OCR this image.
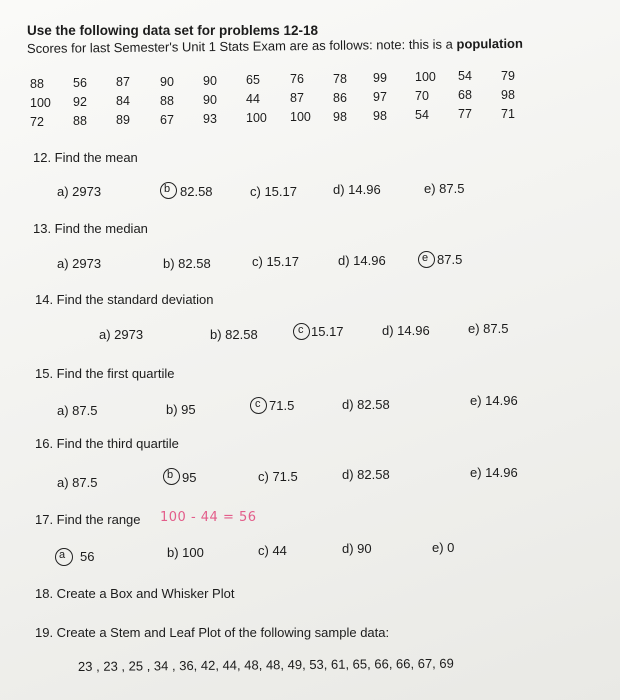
Use the following data set for problems 12-18
Scores for last Semester's Unit 1 Stats Exam are as follows: note: this is a population
88 56 87 90 90 65 76 78 99 100 54 79
100 92 84 88 90 44 87 86 97 70 68 98
72 88 89 67 93 100 100 98 98 54 77 71
12. Find the mean
a) 2973	b 82.58	c) 15.17	d) 14.96	e) 87.5
13. Find the median
a) 2973	b) 82.58	c) 15.17	d) 14.96	e 87.5
14. Find the standard deviation
a) 2973	b) 82.58	c 15.17	d) 14.96	e) 87.5
15. Find the first quartile
a) 87.5	b) 95	c 71.5	d) 82.58	e) 14.96
16. Find the third quartile
a) 87.5	b 95	c) 71.5	d) 82.58	e) 14.96
17. Find the range 100 - 44 = 56
a 56	b) 100	c) 44	d) 90	e) 0
18. Create a Box and Whisker Plot
19. Create a Stem and Leaf Plot of the following sample data:
23 , 23 , 25 , 34 , 36, 42, 44, 48, 48, 49, 53, 61, 65, 66, 66, 67, 69
